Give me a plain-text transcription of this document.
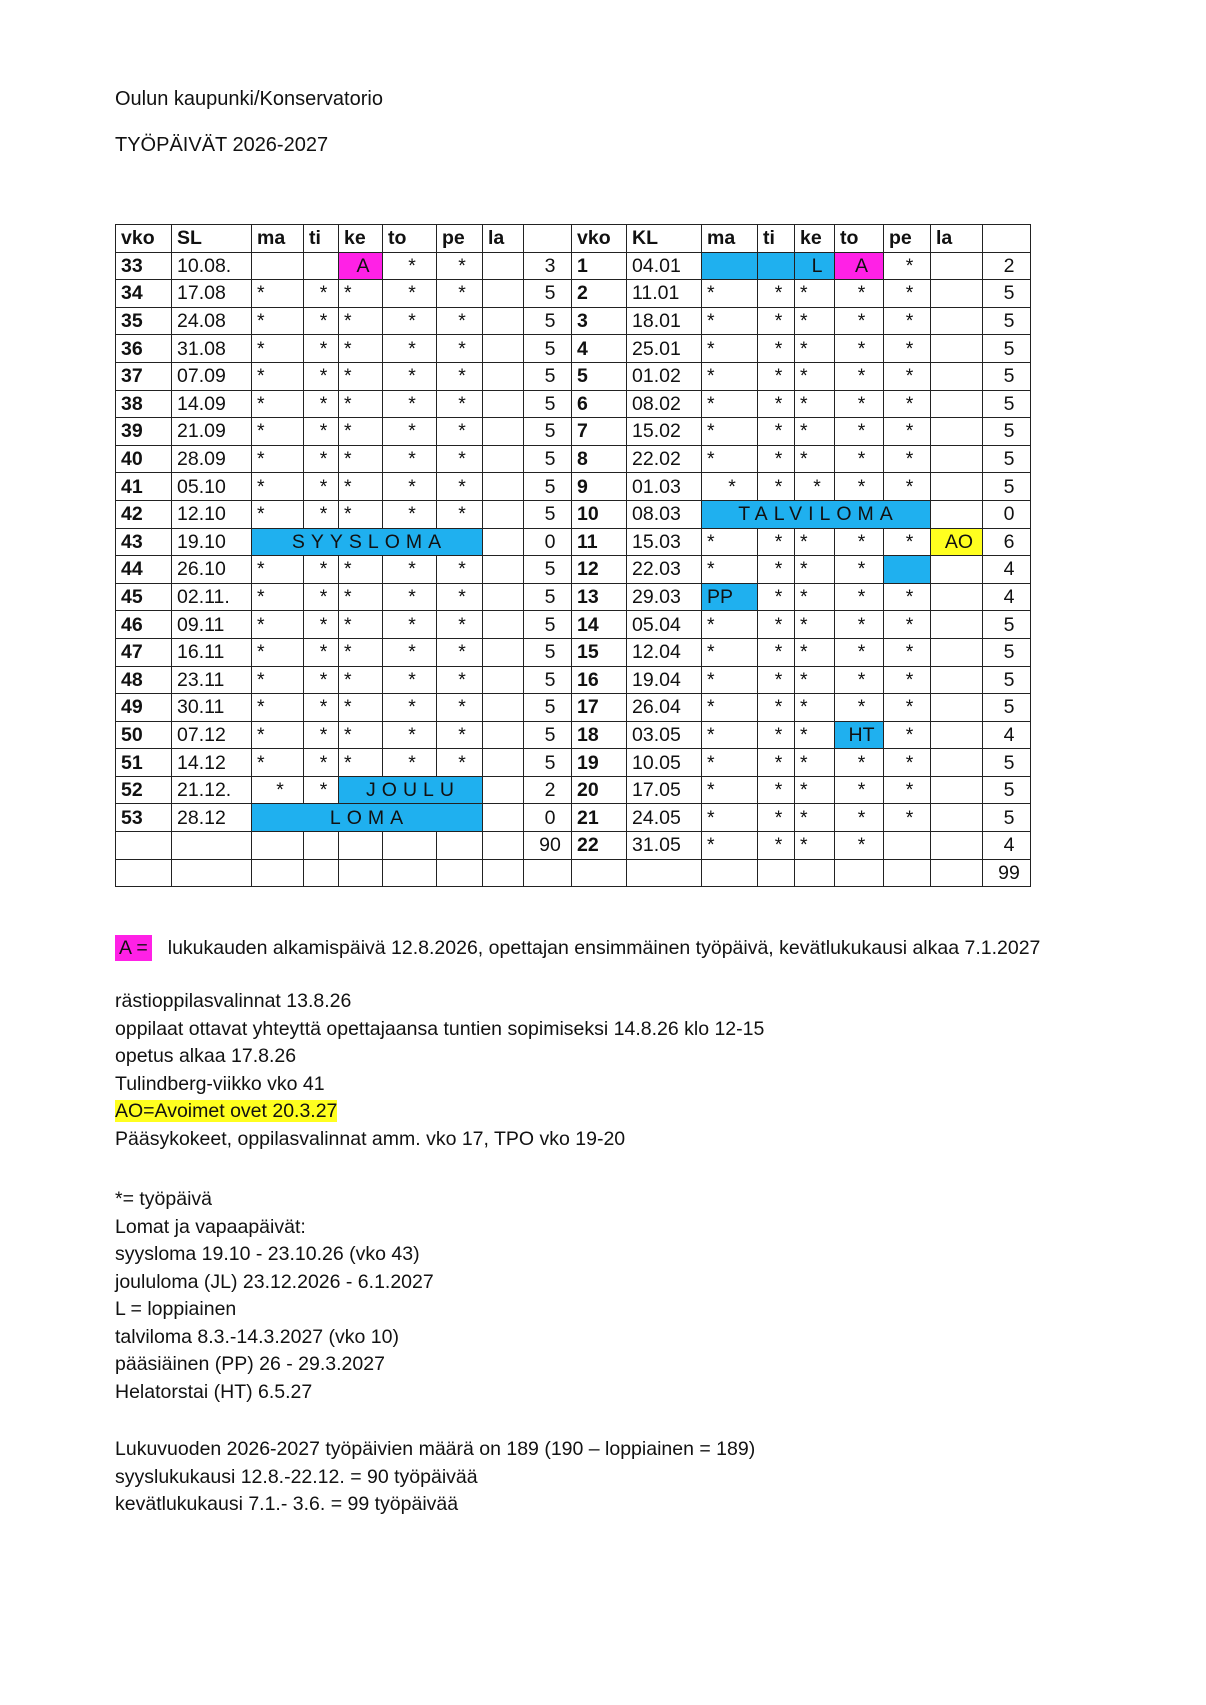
Oulun kaupunki/Konservatorio
TYÖPÄIVÄT 2026-2027
vko	SL	ma	ti	ke	to	pe	la		vko	KL	ma	ti	ke	to	pe	la	
33	10.08.			A	*	*		3	1	04.01			L	A	*		2
34	17.08	*	*	*	*	*		5	2	11.01	*	*	*	*	*		5
35	24.08	*	*	*	*	*		5	3	18.01	*	*	*	*	*		5
36	31.08	*	*	*	*	*		5	4	25.01	*	*	*	*	*		5
37	07.09	*	*	*	*	*		5	5	01.02	*	*	*	*	*		5
38	14.09	*	*	*	*	*		5	6	08.02	*	*	*	*	*		5
39	21.09	*	*	*	*	*		5	7	15.02	*	*	*	*	*		5
40	28.09	*	*	*	*	*		5	8	22.02	*	*	*	*	*		5
41	05.10	*	*	*	*	*		5	9	01.03	*	*	*	*	*		5
42	12.10	*	*	*	*	*		5	10	08.03	TALVILOMA						0
43	19.10	SYYSLOMA						0	11	15.03	*	*	*	*	*	AO	6
44	26.10	*	*	*	*	*		5	12	22.03	*	*	*	*			4
45	02.11.	*	*	*	*	*		5	13	29.03	PP	*	*	*	*		4
46	09.11	*	*	*	*	*		5	14	05.04	*	*	*	*	*		5
47	16.11	*	*	*	*	*		5	15	12.04	*	*	*	*	*		5
48	23.11	*	*	*	*	*		5	16	19.04	*	*	*	*	*		5
49	30.11	*	*	*	*	*		5	17	26.04	*	*	*	*	*		5
50	07.12	*	*	*	*	*		5	18	03.05	*	*	*	HT	*		4
51	14.12	*	*	*	*	*		5	19	10.05	*	*	*	*	*		5
52	21.12.	*	*	JOULU				2	20	17.05	*	*	*	*	*		5
53	28.12	LOMA						0	21	24.05	*	*	*	*	*		5
								90	22	31.05	*	*	*	*			4
																	99
A = lukukauden alkamispäivä 12.8.2026, opettajan ensimmäinen työpäivä, kevätlukukausi alkaa 7.1.2027
rästioppilasvalinnat 13.8.26
oppilaat ottavat yhteyttä opettajaansa tuntien sopimiseksi 14.8.26 klo 12-15
opetus alkaa 17.8.26
Tulindberg-viikko vko 41
AO=Avoimet ovet 20.3.27
Pääsykokeet, oppilasvalinnat amm. vko 17, TPO vko 19-20
*= työpäivä
Lomat ja vapaapäivät:
syysloma 19.10 - 23.10.26 (vko 43)
joululoma (JL) 23.12.2026 - 6.1.2027
L = loppiainen
talviloma 8.3.-14.3.2027 (vko 10)
pääsiäinen (PP) 26 - 29.3.2027
Helatorstai (HT) 6.5.27
Lukuvuoden 2026-2027 työpäivien määrä on 189 (190 – loppiainen = 189)
syyslukukausi 12.8.-22.12. = 90 työpäivää
kevätlukukausi 7.1.- 3.6. = 99 työpäivää
